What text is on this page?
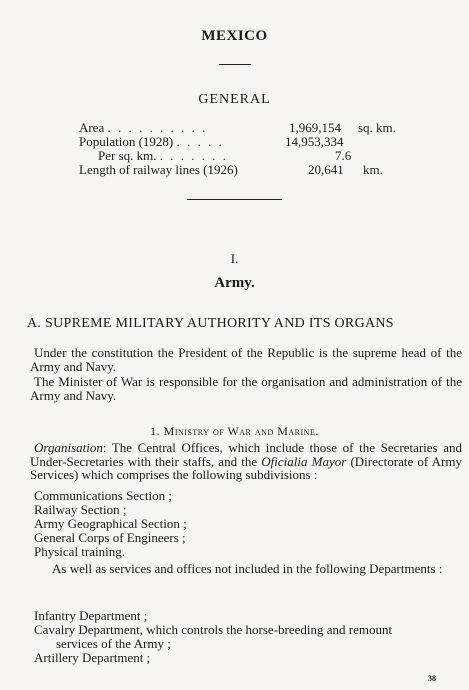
MEXICO
GENERAL
Area . . . . . . . . . .	1,969,154 sq. km.
Population (1928) . . . . .	14,953,334
Per sq. km. . . . . . . .	7.6
Length of railway lines (1926)	20,641 km.
I.
Army.
A. SUPREME MILITARY AUTHORITY AND ITS ORGANS
Under the constitution the President of the Republic is the supreme head of the Army and Navy.
The Minister of War is responsible for the organisation and administration of the Army and Navy.
1. Ministry of War and Marine.
Organisation: The Central Offices, which include those of the Secretaries and Under-Secretaries with their staffs, and the Oficialia Mayor (Directorate of Army Services) which comprises the following subdivisions :
Communications Section ;
Railway Section ;
Army Geographical Section ;
General Corps of Engineers ;
Physical training.
As well as services and offices not included in the following Departments :
Infantry Department ;
Cavalry Department, which controls the horse-breeding and remount
services of the Army ;
Artillery Department ;
38
